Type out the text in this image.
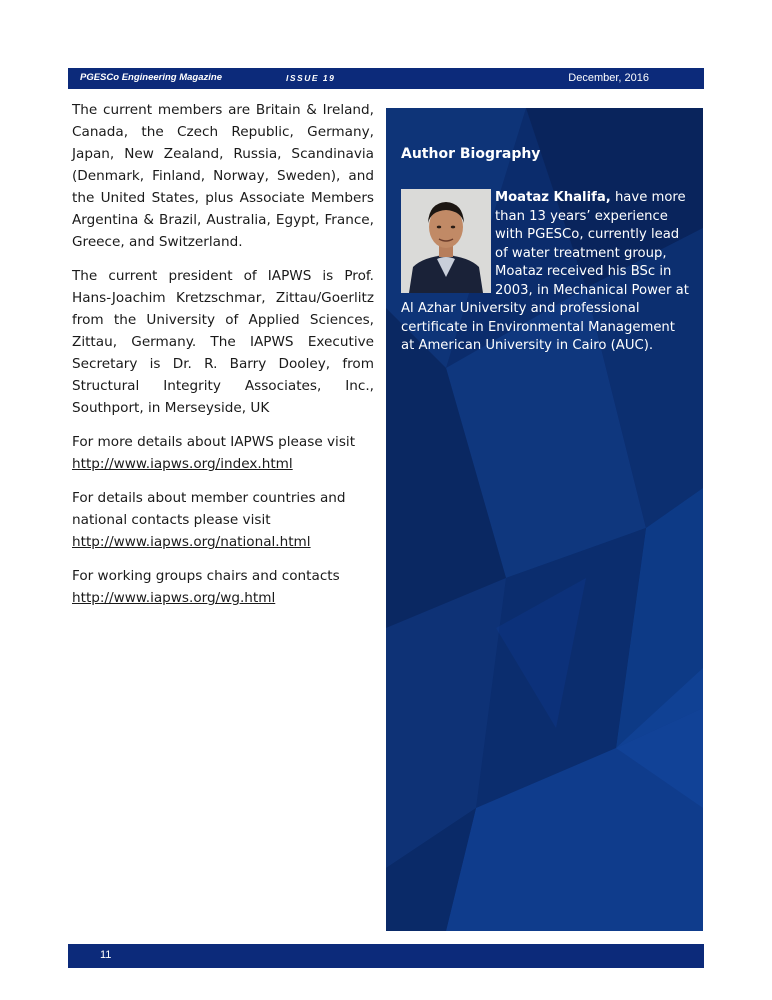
PGESCo Engineering Magazine	ISSUE 19	December, 2016

The current members are Britain & Ireland, Canada, the Czech Republic, Germany, Japan, New Zealand, Russia, Scandinavia (Denmark, Finland, Norway, Sweden), and the United States, plus Associate Members Argentina & Brazil, Australia, Egypt, France, Greece, and Switzerland.

The current president of IAPWS is Prof. Hans-Joachim Kretzschmar, Zittau/Goerlitz from the University of Applied Sciences, Zittau, Germany. The IAPWS Executive Secretary is Dr. R. Barry Dooley, from Structural Integrity Associates, Inc., Southport, in Merseyside, UK

For more details about IAPWS please visit http://www.iapws.org/index.html

For details about member countries and national contacts please visit http://www.iapws.org/national.html

For working groups chairs and contacts
http://www.iapws.org/wg.html

Author Biography
Moataz Khalifa, have more than 13 years’ experience with PGESCo, currently lead of water treatment group, Moataz received his BSc in 2003, in Mechanical Power at Al Azhar University and professional certificate in Environmental Management at American University in Cairo (AUC).
11
